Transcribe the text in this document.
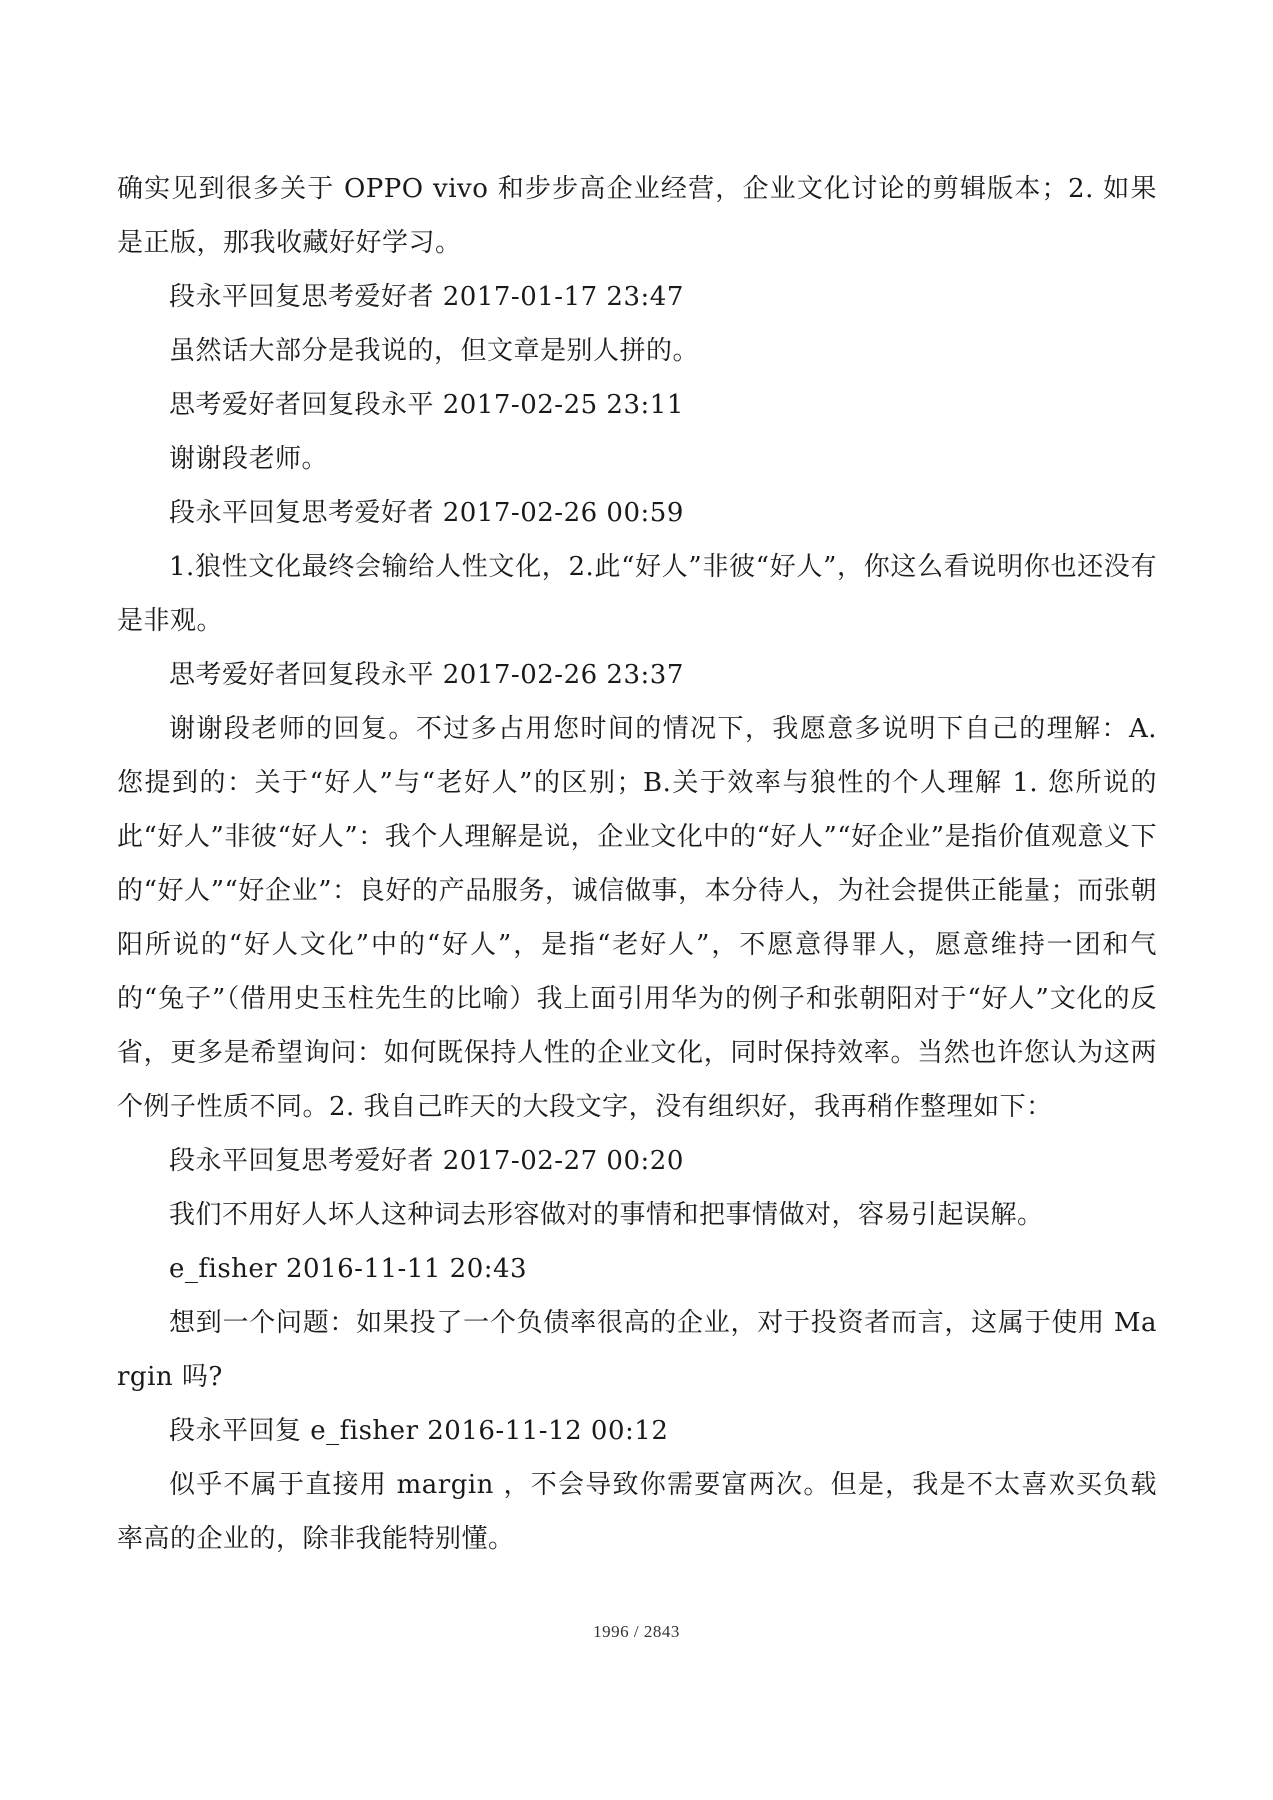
确实见到很多关于 OPPO vivo 和步步高企业经营，企业文化讨论的剪辑版本；2. 如果是正版，那我收藏好好学习。

段永平回复思考爱好者 2017-01-17 23:47

虽然话大部分是我说的，但文章是别人拼的。

思考爱好者回复段永平 2017-02-25 23:11

谢谢段老师。

段永平回复思考爱好者 2017-02-26 00:59

1.狼性文化最终会输给人性文化，2.此“好人”非彼“好人”，你这么看说明你也还没有是非观。

思考爱好者回复段永平 2017-02-26 23:37

谢谢段老师的回复。不过多占用您时间的情况下，我愿意多说明下自己的理解：A. 您提到的：关于“好人”与“老好人”的区别；B.关于效率与狼性的个人理解 1. 您所说的此“好人”非彼“好人”：我个人理解是说，企业文化中的“好人”“好企业”是指价值观意义下的“好人”“好企业”：良好的产品服务，诚信做事，本分待人，为社会提供正能量；而张朝阳所说的“好人文化”中的“好人”，是指“老好人”，不愿意得罪人，愿意维持一团和气的“兔子”（借用史玉柱先生的比喻）我上面引用华为的例子和张朝阳对于“好人”文化的反省，更多是希望询问：如何既保持人性的企业文化，同时保持效率。当然也许您认为这两个例子性质不同。2. 我自己昨天的大段文字，没有组织好，我再稍作整理如下：

段永平回复思考爱好者 2017-02-27 00:20

我们不用好人坏人这种词去形容做对的事情和把事情做对，容易引起误解。

e_fisher 2016-11-11 20:43

想到一个问题：如果投了一个负债率很高的企业，对于投资者而言，这属于使用 Margin 吗?

段永平回复 e_fisher 2016-11-12 00:12

似乎不属于直接用 margin ，不会导致你需要富两次。但是，我是不太喜欢买负载率高的企业的，除非我能特别懂。

1996 / 2843
